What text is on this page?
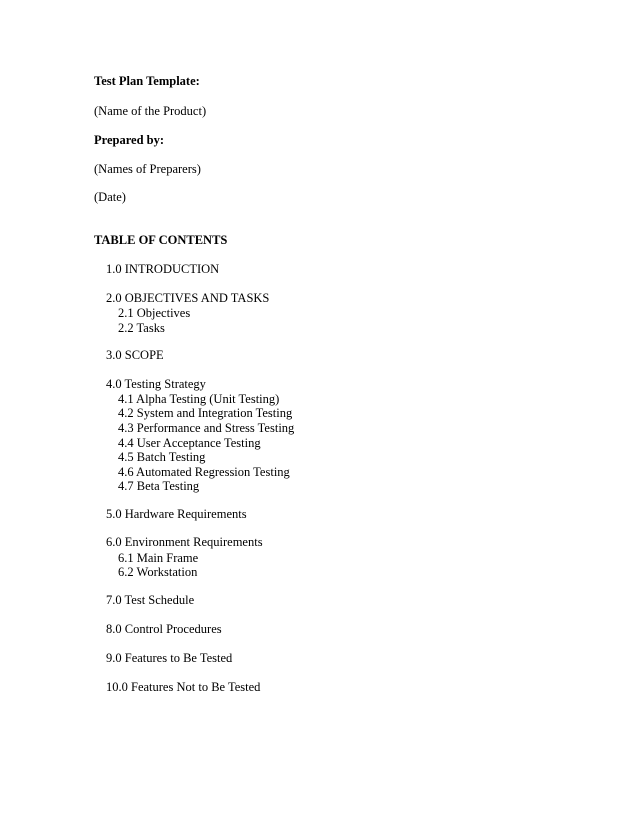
Test Plan Template:
(Name of the Product)
Prepared by:
(Names of Preparers)
(Date)
TABLE OF CONTENTS
1.0 INTRODUCTION
2.0 OBJECTIVES AND TASKS
2.1 Objectives
2.2 Tasks
3.0 SCOPE
4.0 Testing Strategy
4.1 Alpha Testing (Unit Testing)
4.2 System and Integration Testing
4.3 Performance and Stress Testing
4.4 User Acceptance Testing
4.5 Batch Testing
4.6 Automated Regression Testing
4.7 Beta Testing
5.0 Hardware Requirements
6.0 Environment Requirements
6.1 Main Frame
6.2 Workstation
7.0 Test Schedule
8.0 Control Procedures
9.0 Features to Be Tested
10.0 Features Not to Be Tested
